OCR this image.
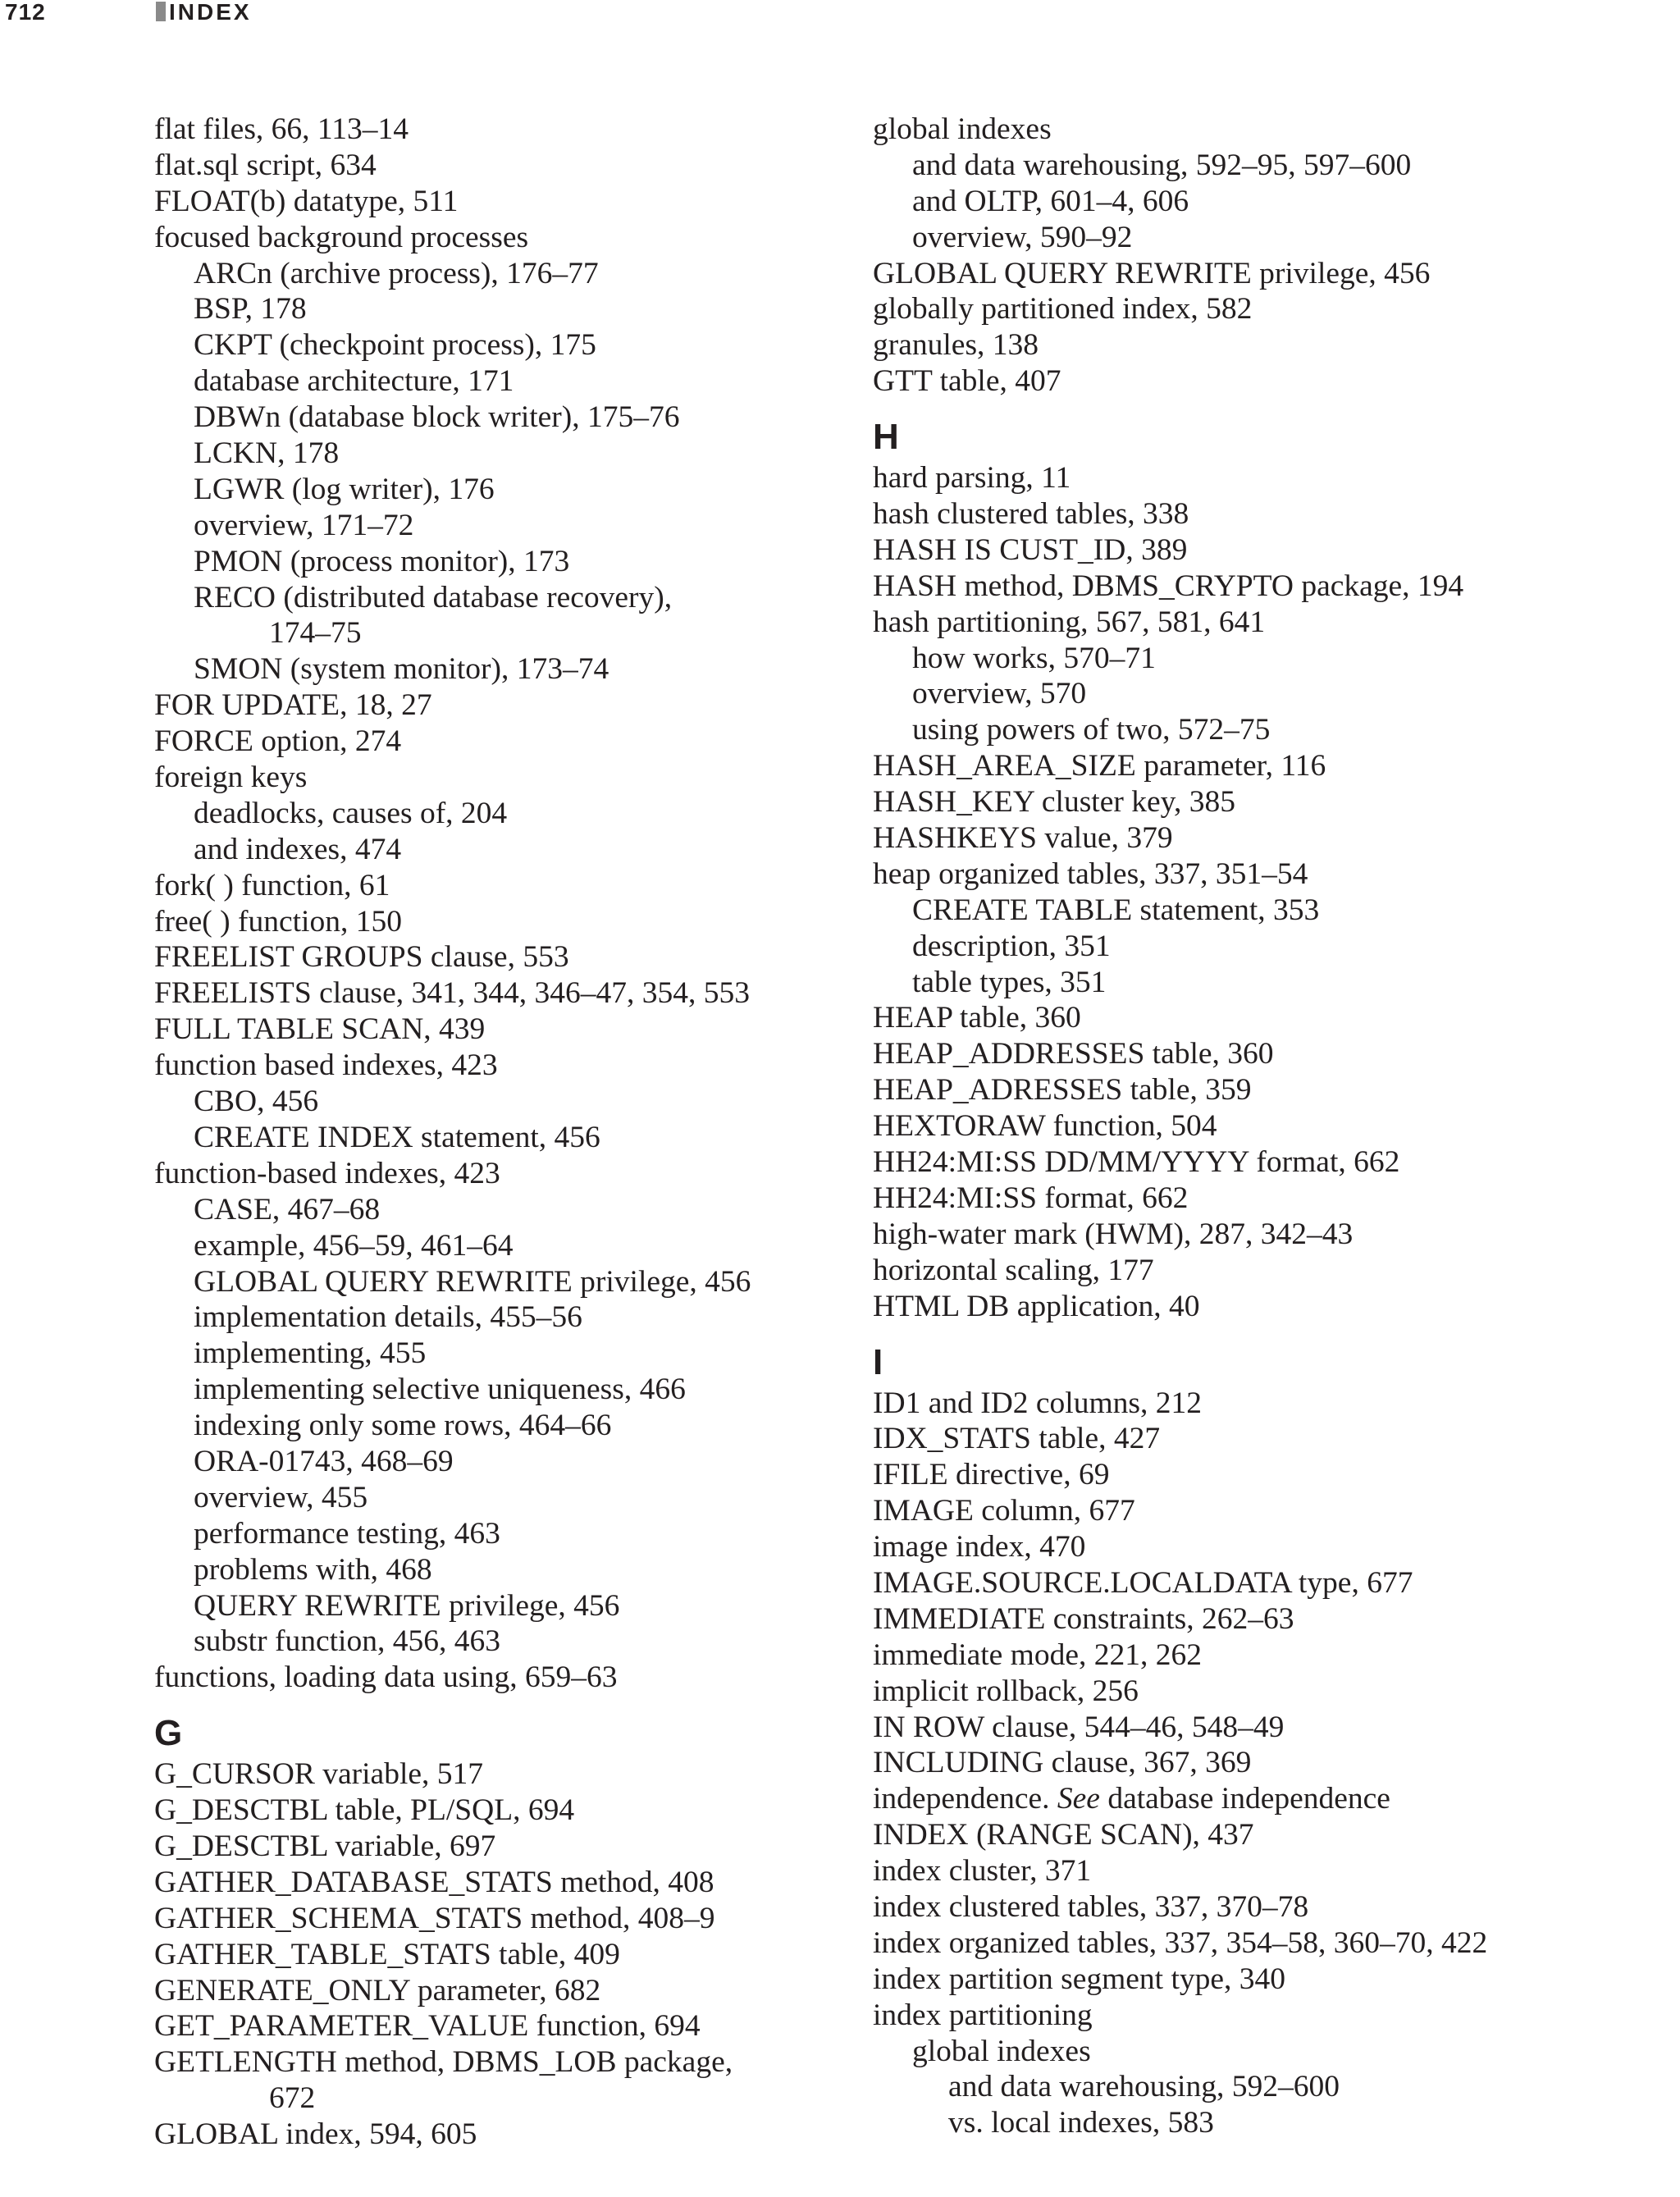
712	INDEX
flat files, 66, 113–14
flat.sql script, 634
FLOAT(b) datatype, 511
focused background processes
ARCn (archive process), 176–77
BSP, 178
CKPT (checkpoint process), 175
database architecture, 171
DBWn (database block writer), 175–76
LCKN, 178
LGWR (log writer), 176
overview, 171–72
PMON (process monitor), 173
RECO (distributed database recovery),
174–75
SMON (system monitor), 173–74
FOR UPDATE, 18, 27
FORCE option, 274
foreign keys
deadlocks, causes of, 204
and indexes, 474
fork( ) function, 61
free( ) function, 150
FREELIST GROUPS clause, 553
FREELISTS clause, 341, 344, 346–47, 354, 553
FULL TABLE SCAN, 439
function based indexes, 423
CBO, 456
CREATE INDEX statement, 456
function-based indexes, 423
CASE, 467–68
example, 456–59, 461–64
GLOBAL QUERY REWRITE privilege, 456
implementation details, 455–56
implementing, 455
implementing selective uniqueness, 466
indexing only some rows, 464–66
ORA-01743, 468–69
overview, 455
performance testing, 463
problems with, 468
QUERY REWRITE privilege, 456
substr function, 456, 463
functions, loading data using, 659–63
G
G_CURSOR variable, 517
G_DESCTBL table, PL/SQL, 694
G_DESCTBL variable, 697
GATHER_DATABASE_STATS method, 408
GATHER_SCHEMA_STATS method, 408–9
GATHER_TABLE_STATS table, 409
GENERATE_ONLY parameter, 682
GET_PARAMETER_VALUE function, 694
GETLENGTH method, DBMS_LOB package,
672
GLOBAL index, 594, 605
global indexes
and data warehousing, 592–95, 597–600
and OLTP, 601–4, 606
overview, 590–92
GLOBAL QUERY REWRITE privilege, 456
globally partitioned index, 582
granules, 138
GTT table, 407
H
hard parsing, 11
hash clustered tables, 338
HASH IS CUST_ID, 389
HASH method, DBMS_CRYPTO package, 194
hash partitioning, 567, 581, 641
how works, 570–71
overview, 570
using powers of two, 572–75
HASH_AREA_SIZE parameter, 116
HASH_KEY cluster key, 385
HASHKEYS value, 379
heap organized tables, 337, 351–54
CREATE TABLE statement, 353
description, 351
table types, 351
HEAP table, 360
HEAP_ADDRESSES table, 360
HEAP_ADRESSES table, 359
HEXTORAW function, 504
HH24:MI:SS DD/MM/YYYY format, 662
HH24:MI:SS format, 662
high-water mark (HWM), 287, 342–43
horizontal scaling, 177
HTML DB application, 40
I
ID1 and ID2 columns, 212
IDX_STATS table, 427
IFILE directive, 69
IMAGE column, 677
image index, 470
IMAGE.SOURCE.LOCALDATA type, 677
IMMEDIATE constraints, 262–63
immediate mode, 221, 262
implicit rollback, 256
IN ROW clause, 544–46, 548–49
INCLUDING clause, 367, 369
independence. See database independence
INDEX (RANGE SCAN), 437
index cluster, 371
index clustered tables, 337, 370–78
index organized tables, 337, 354–58, 360–70, 422
index partition segment type, 340
index partitioning
global indexes
and data warehousing, 592–600
vs. local indexes, 583
